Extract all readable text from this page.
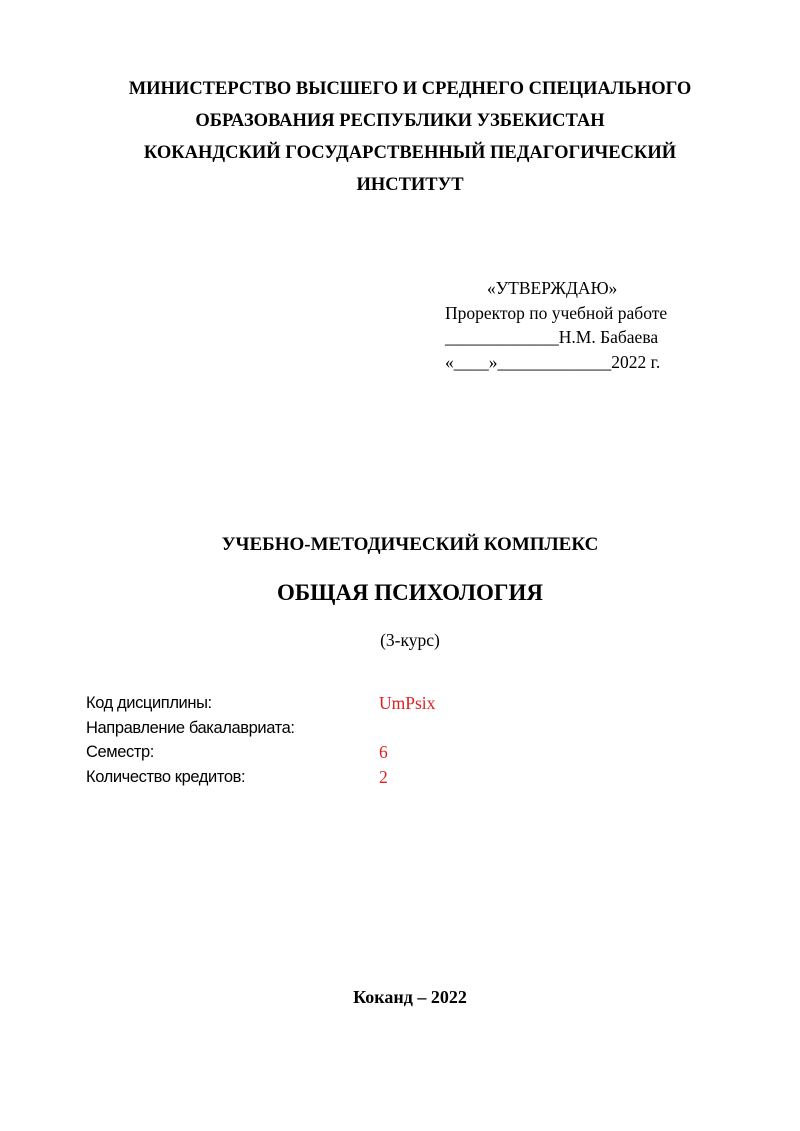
МИНИСТЕРСТВО ВЫСШЕГО И СРЕДНЕГО СПЕЦИАЛЬНОГО
ОБРАЗОВАНИЯ РЕСПУБЛИКИ УЗБЕКИСТАН
КОКАНДСКИЙ ГОСУДАРСТВЕННЫЙ ПЕДАГОГИЧЕСКИЙ
ИНСТИТУТ
«УТВЕРЖДАЮ»
Проректор по учебной работе
_____________Н.М. Бабаева
«____»_____________2022 г.
УЧЕБНО-МЕТОДИЧЕСКИЙ КОМПЛЕКС
ОБЩАЯ ПСИХОЛОГИЯ
(3-курс)
Код дисциплины:	UmPsix
Направление бакалавриата:
Семестр:	6
Количество кредитов:	2
Коканд – 2022
